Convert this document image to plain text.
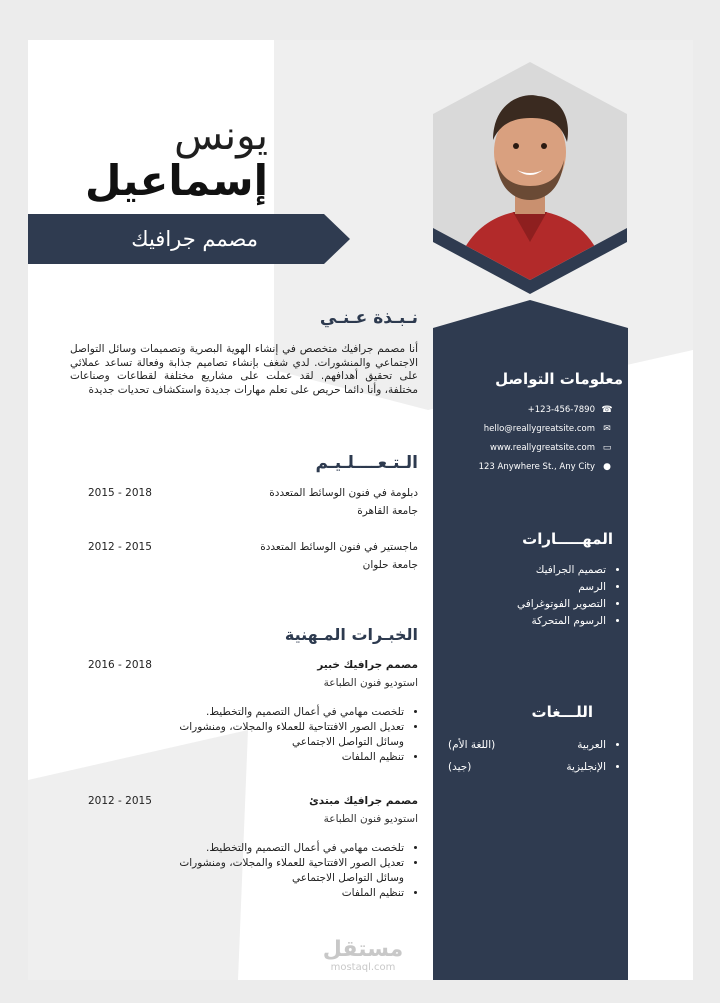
يونس
إسماعيل
مصمم جرافيك
نـبـذة عـنـي
أنا مصمم جرافيك متخصص في إنشاء الهوية البصرية وتصميمات وسائل التواصل الاجتماعي والمنشورات. لدي شغف بإنشاء تصاميم جذابة وفعالة تساعد عملائي على تحقيق أهدافهم. لقد عملت على مشاريع مختلفة لقطاعات وصناعات مختلفة، وأنا دائما حريص على تعلم مهارات جديدة واستكشاف تحديات جديدة
الـتـعــــلـيـم
دبلومة في فنون الوسائط المتعددة
جامعة القاهرة
2015 - 2018
ماجستير في فنون الوسائط المتعددة
جامعة حلوان
2012 - 2015
الخبـرات المـهنية
مصمم جرافيك خبير
استوديو فنون الطباعة
2016 - 2018
• تلخصت مهامي في أعمال التصميم والتخطيط.
• تعديل الصور الافتتاحية للعملاء والمجلات، ومنشورات وسائل التواصل الاجتماعي
• تنظيم الملفات
مصمم جرافيك مبتدئ
استوديو فنون الطباعة
2012 - 2015
• تلخصت مهامي في أعمال التصميم والتخطيط.
• تعديل الصور الافتتاحية للعملاء والمجلات، ومنشورات وسائل التواصل الاجتماعي
• تنظيم الملفات
معلومات التواصل
☎
+123-456-7890
✉
hello@reallygreatsite.com
▭
www.reallygreatsite.com
●
123 Anywhere St., Any City
المهـــــارات
• تصميم الجرافيك
• الرسم
• التصوير الفوتوغرافي
• الرسوم المتحركة
اللـــغات
• العربية
(اللغة الأم)
• الإنجليزية
(جيد)
مستقل
mostaql.com
